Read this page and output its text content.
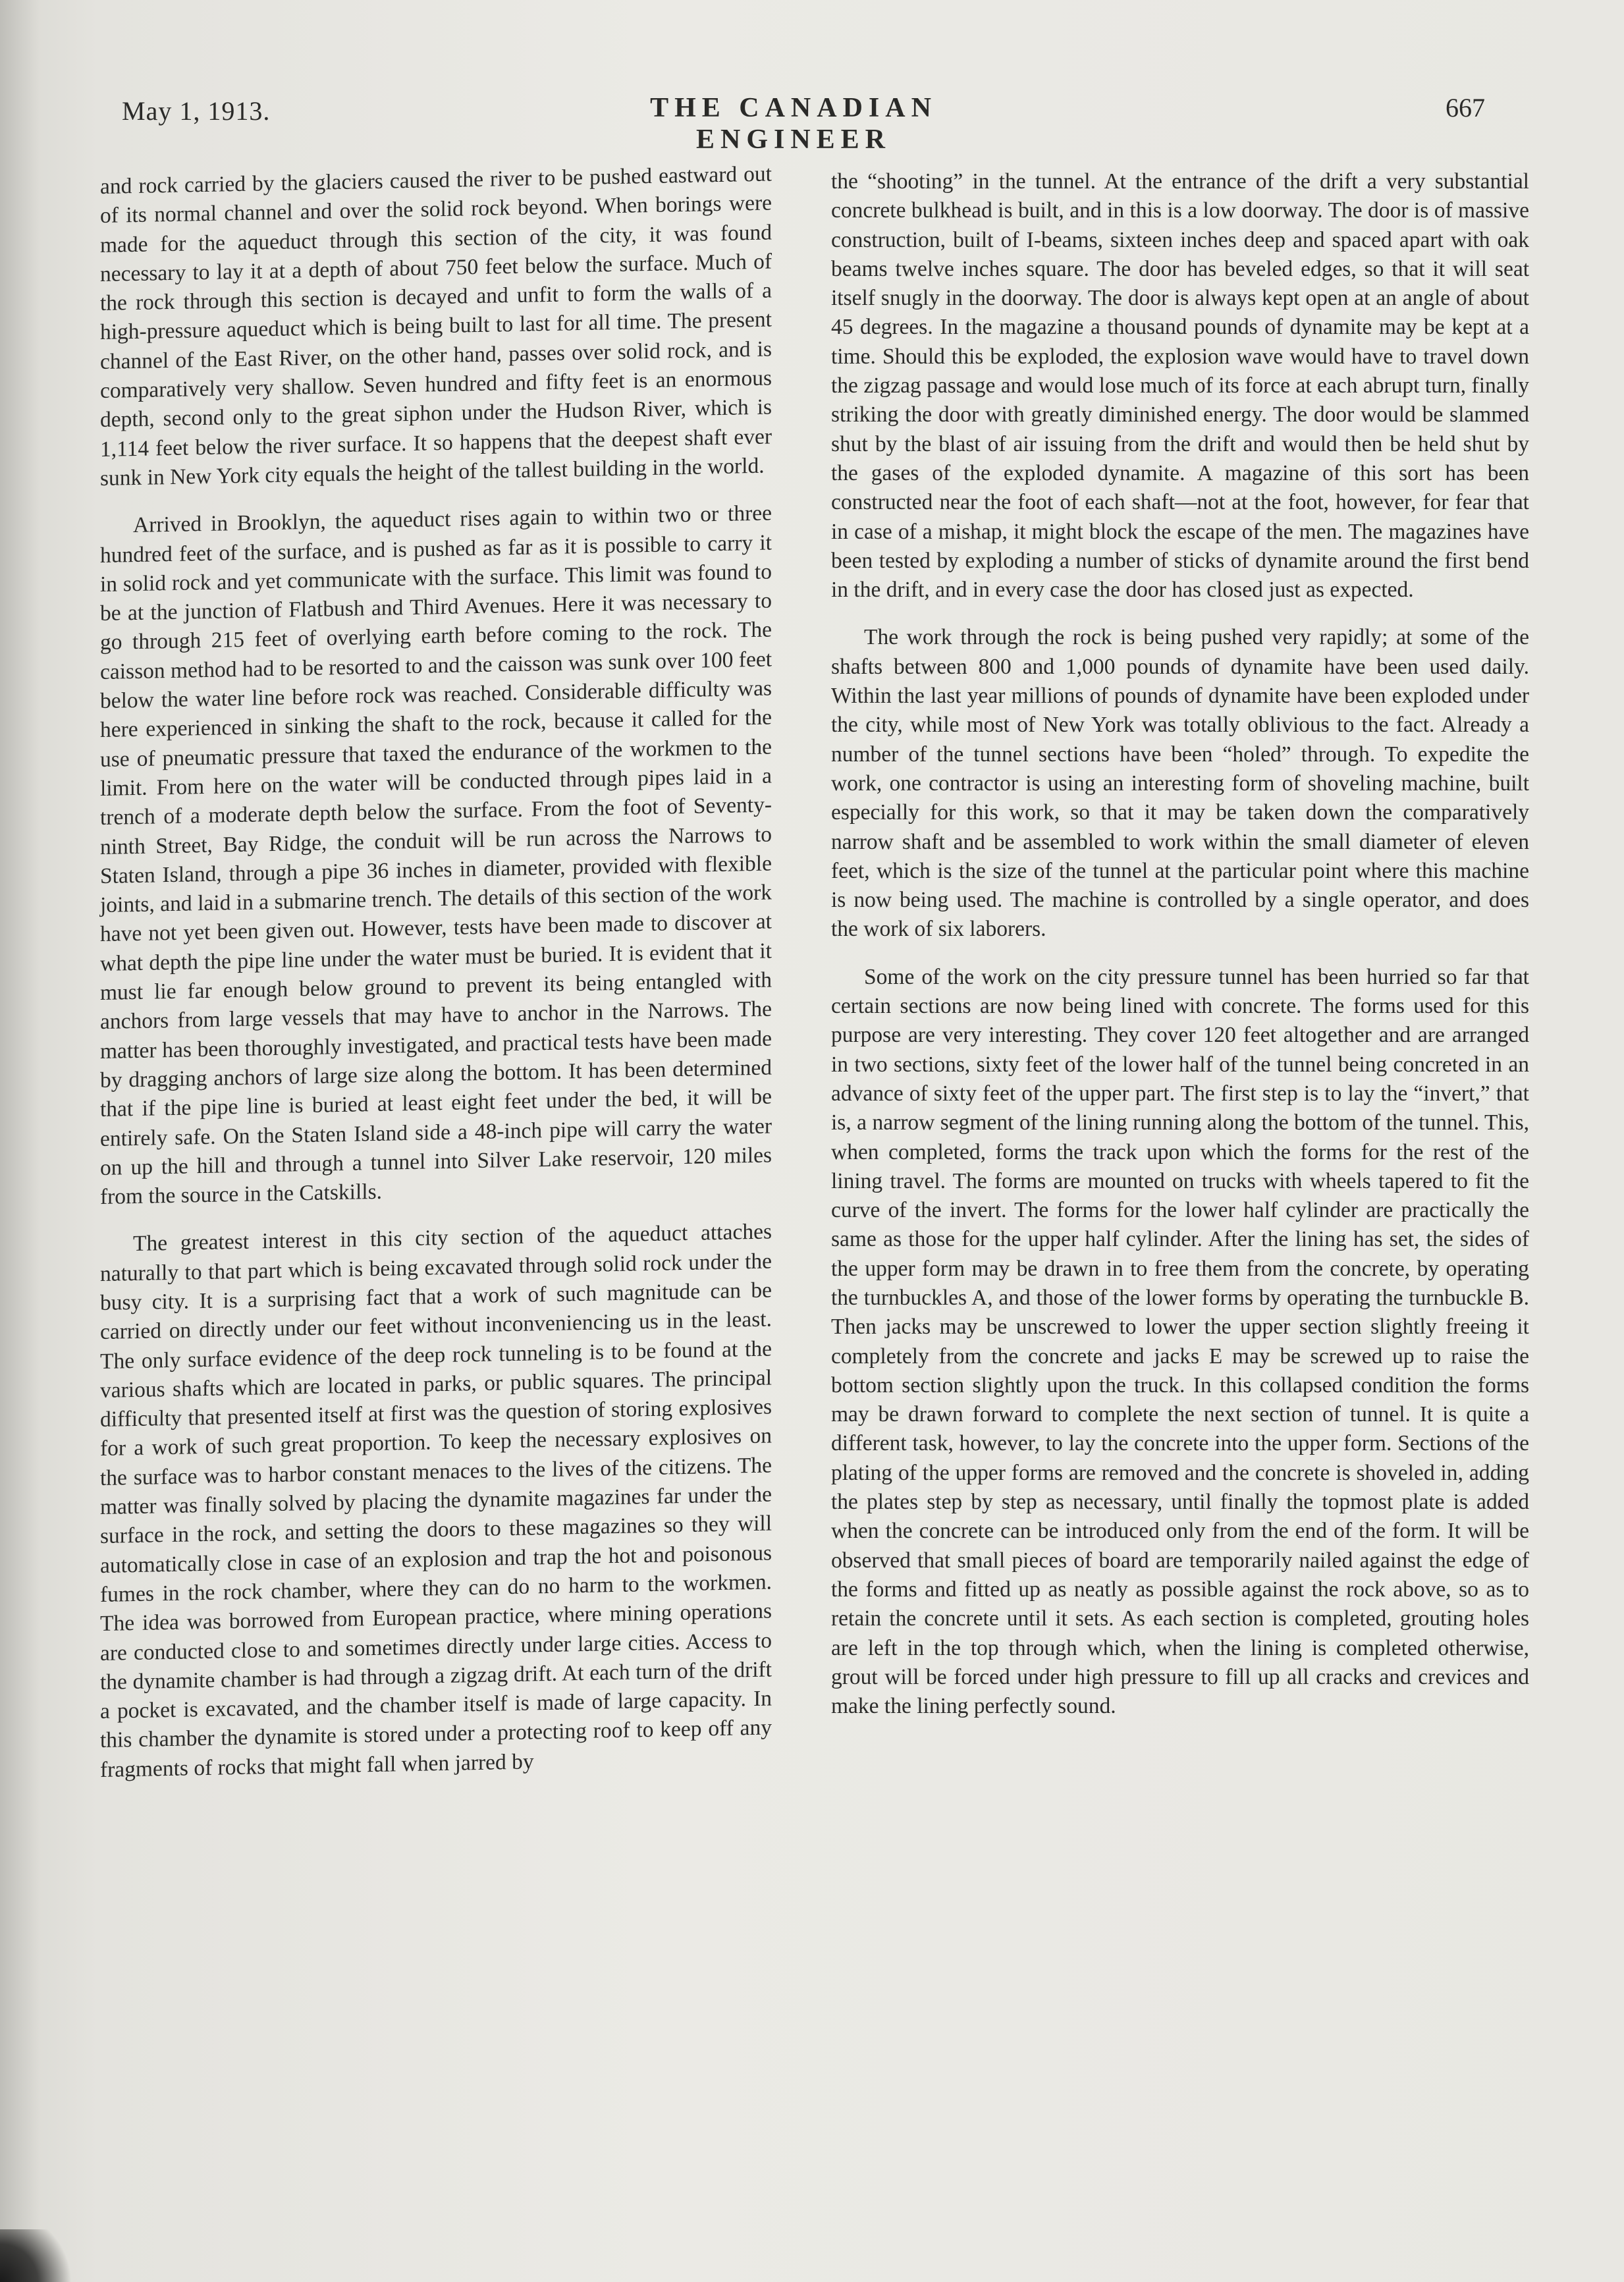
May 1, 1913.	THE CANADIAN ENGINEER
667

and rock carried by the glaciers caused the river to be pushed eastward out of its normal channel and over the solid rock beyond. When borings were made for the aqueduct through this section of the city, it was found necessary to lay it at a depth of about 750 feet below the surface. Much of the rock through this section is decayed and unfit to form the walls of a high-pressure aqueduct which is being built to last for all time. The present channel of the East River, on the other hand, passes over solid rock, and is comparatively very shallow. Seven hundred and fifty feet is an enormous depth, second only to the great siphon under the Hudson River, which is 1,114 feet below the river surface. It so happens that the deepest shaft ever sunk in New York city equals the height of the tallest building in the world.

Arrived in Brooklyn, the aqueduct rises again to within two or three hundred feet of the surface, and is pushed as far as it is possible to carry it in solid rock and yet communicate with the surface. This limit was found to be at the junction of Flatbush and Third Avenues. Here it was necessary to go through 215 feet of overlying earth before coming to the rock. The caisson method had to be resorted to and the caisson was sunk over 100 feet below the water line before rock was reached. Considerable difficulty was here experienced in sinking the shaft to the rock, because it called for the use of pneumatic pressure that taxed the endurance of the workmen to the limit. From here on the water will be conducted through pipes laid in a trench of a moderate depth below the surface. From the foot of Seventy-ninth Street, Bay Ridge, the conduit will be run across the Narrows to Staten Island, through a pipe 36 inches in diameter, provided with flexible joints, and laid in a submarine trench. The details of this section of the work have not yet been given out. However, tests have been made to discover at what depth the pipe line under the water must be buried. It is evident that it must lie far enough below ground to prevent its being entangled with anchors from large vessels that may have to anchor in the Narrows. The matter has been thoroughly investigated, and practical tests have been made by dragging anchors of large size along the bottom. It has been determined that if the pipe line is buried at least eight feet under the bed, it will be entirely safe. On the Staten Island side a 48-inch pipe will carry the water on up the hill and through a tunnel into Silver Lake reservoir, 120 miles from the source in the Catskills.

The greatest interest in this city section of the aqueduct attaches naturally to that part which is being excavated through solid rock under the busy city. It is a surprising fact that a work of such magnitude can be carried on directly under our feet without inconveniencing us in the least. The only surface evidence of the deep rock tunneling is to be found at the various shafts which are located in parks, or public squares. The principal difficulty that presented itself at first was the question of storing explosives for a work of such great proportion. To keep the necessary explosives on the surface was to harbor constant menaces to the lives of the citizens. The matter was finally solved by placing the dynamite magazines far under the surface in the rock, and setting the doors to these magazines so they will automatically close in case of an explosion and trap the hot and poisonous fumes in the rock chamber, where they can do no harm to the workmen. The idea was borrowed from European practice, where mining operations are conducted close to and sometimes directly under large cities. Access to the dynamite chamber is had through a zigzag drift. At each turn of the drift a pocket is excavated, and the chamber itself is made of large capacity. In this chamber the dynamite is stored under a protecting roof to keep off any fragments of rocks that might fall when jarred by

the “shooting” in the tunnel. At the entrance of the drift a very substantial concrete bulkhead is built, and in this is a low doorway. The door is of massive construction, built of I-beams, sixteen inches deep and spaced apart with oak beams twelve inches square. The door has beveled edges, so that it will seat itself snugly in the doorway. The door is always kept open at an angle of about 45 degrees. In the magazine a thousand pounds of dynamite may be kept at a time. Should this be exploded, the explosion wave would have to travel down the zigzag passage and would lose much of its force at each abrupt turn, finally striking the door with greatly diminished energy. The door would be slammed shut by the blast of air issuing from the drift and would then be held shut by the gases of the exploded dynamite. A magazine of this sort has been constructed near the foot of each shaft—not at the foot, however, for fear that in case of a mishap, it might block the escape of the men. The magazines have been tested by exploding a number of sticks of dynamite around the first bend in the drift, and in every case the door has closed just as expected.

The work through the rock is being pushed very rapidly; at some of the shafts between 800 and 1,000 pounds of dynamite have been used daily. Within the last year millions of pounds of dynamite have been exploded under the city, while most of New York was totally oblivious to the fact. Already a number of the tunnel sections have been “holed” through. To expedite the work, one contractor is using an interesting form of shoveling machine, built especially for this work, so that it may be taken down the comparatively narrow shaft and be assembled to work within the small diameter of eleven feet, which is the size of the tunnel at the particular point where this machine is now being used. The machine is controlled by a single operator, and does the work of six laborers.

Some of the work on the city pressure tunnel has been hurried so far that certain sections are now being lined with concrete. The forms used for this purpose are very interesting. They cover 120 feet altogether and are arranged in two sections, sixty feet of the lower half of the tunnel being concreted in an advance of sixty feet of the upper part. The first step is to lay the “invert,” that is, a narrow segment of the lining running along the bottom of the tunnel. This, when completed, forms the track upon which the forms for the rest of the lining travel. The forms are mounted on trucks with wheels tapered to fit the curve of the invert. The forms for the lower half cylinder are practically the same as those for the upper half cylinder. After the lining has set, the sides of the upper form may be drawn in to free them from the concrete, by operating the turnbuckles A, and those of the lower forms by operating the turnbuckle B. Then jacks may be unscrewed to lower the upper section slightly freeing it completely from the concrete and jacks E may be screwed up to raise the bottom section slightly upon the truck. In this collapsed condition the forms may be drawn forward to complete the next section of tunnel. It is quite a different task, however, to lay the concrete into the upper form. Sections of the plating of the upper forms are removed and the concrete is shoveled in, adding the plates step by step as necessary, until finally the topmost plate is added when the concrete can be introduced only from the end of the form. It will be observed that small pieces of board are temporarily nailed against the edge of the forms and fitted up as neatly as possible against the rock above, so as to retain the concrete until it sets. As each section is completed, grouting holes are left in the top through which, when the lining is completed otherwise, grout will be forced under high pressure to fill up all cracks and crevices and make the lining perfectly sound.
